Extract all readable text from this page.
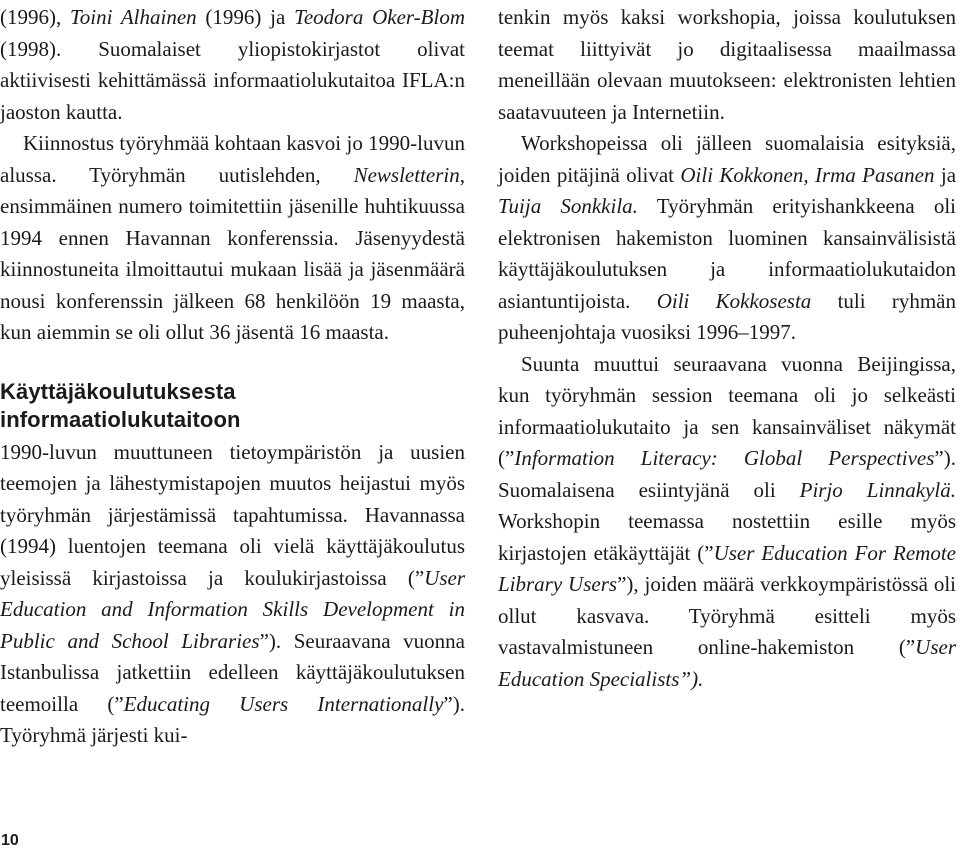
(1996), Toini Alhainen (1996) ja Teodora Oker-Blom (1998). Suomalaiset yliopistokirjastot olivat aktiivisesti kehittämässä informaatiolukutaitoa IFLA:n jaoston kautta.

Kiinnostus työryhmää kohtaan kasvoi jo 1990-luvun alussa. Työryhmän uutislehden, Newsletterin, ensimmäinen numero toimitettiin jäsenille huhtikuussa 1994 ennen Havannan konferenssia. Jäsenyydestä kiinnostuneita ilmoittautui mukaan lisää ja jäsenmäärä nousi konferenssin jälkeen 68 henkilöön 19 maasta, kun aiemmin se oli ollut 36 jäsentä 16 maasta.

Käyttäjäkoulutuksesta
informaatiolukutaitoon

1990-luvun muuttuneen tietoympäristön ja uusien teemojen ja lähestymistapojen muutos heijastui myös työryhmän järjestämissä tapahtumissa. Havannassa (1994) luentojen teemana oli vielä käyttäjäkoulutus yleisissä kirjastoissa ja koulukirjastoissa (”User Education and Information Skills Development in Public and School Libraries”). Seuraavana vuonna Istanbulissa jatkettiin edelleen käyttäjäkoulutuksen teemoilla (”Educating Users Internationally”). Työryhmä järjesti kui-

tenkin myös kaksi workshopia, joissa koulutuksen teemat liittyivät jo digitaalisessa maailmassa meneillään olevaan muutokseen: elektronisten lehtien saatavuuteen ja Internetiin.

Workshopeissa oli jälleen suomalaisia esityksiä, joiden pitäjinä olivat Oili Kokkonen, Irma Pasanen ja Tuija Sonkkila. Työryhmän erityishankkeena oli elektronisen hakemiston luominen kansainvälisistä käyttäjäkoulutuksen ja informaatiolukutaidon asiantuntijoista. Oili Kokkosesta tuli ryhmän puheenjohtaja vuosiksi 1996–1997.

Suunta muuttui seuraavana vuonna Beijingissa, kun työryhmän session teemana oli jo selkeästi informaatiolukutaito ja sen kansainväliset näkymät (”Information Literacy: Global Perspectives”). Suomalaisena esiintyjänä oli Pirjo Linnakylä. Workshopin teemassa nostettiin esille myös kirjastojen etäkäyttäjät (”User Education For Remote Library Users”), joiden määrä verkkoympäristössä oli ollut kasvava. Työryhmä esitteli myös vastavalmistuneen online-hakemiston (”User Education Specialists”).

10
